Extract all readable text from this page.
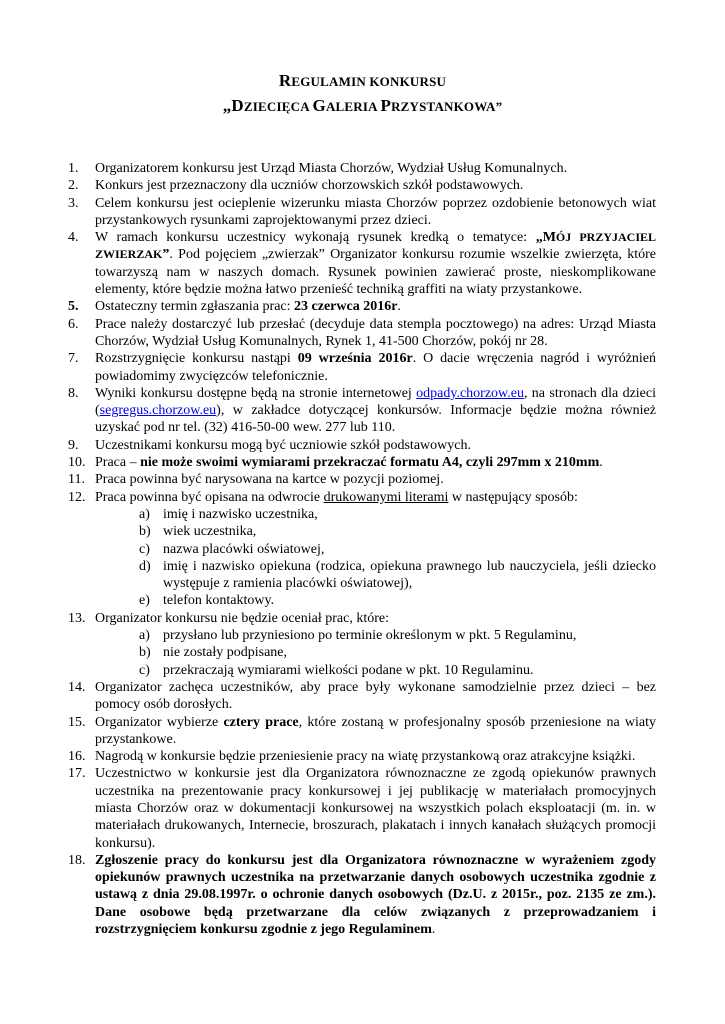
REGULAMIN KONKURSU
„DZIECIĘCA GALERIA PRZYSTANKOWA”
1. Organizatorem konkursu jest Urząd Miasta Chorzów, Wydział Usług Komunalnych.
2. Konkurs jest przeznaczony dla uczniów chorzowskich szkół podstawowych.
3. Celem konkursu jest ocieplenie wizerunku miasta Chorzów poprzez ozdobienie betonowych wiat przystankowych rysunkami zaprojektowanymi przez dzieci.
4. W ramach konkursu uczestnicy wykonają rysunek kredką o tematyce: „MÓJ PRZYJACIEL ZWIERZAK”. Pod pojęciem „zwierzak” Organizator konkursu rozumie wszelkie zwierzęta, które towarzyszą nam w naszych domach. Rysunek powinien zawierać proste, nieskomplikowane elementy, które będzie można łatwo przenieść techniką graffiti na wiaty przystankowe.
5. Ostateczny termin zgłaszania prac: 23 czerwca 2016r.
6. Prace należy dostarczyć lub przesłać (decyduje data stempla pocztowego) na adres: Urząd Miasta Chorzów, Wydział Usług Komunalnych, Rynek 1, 41-500 Chorzów, pokój nr 28.
7. Rozstrzygnięcie konkursu nastąpi 09 września 2016r. O dacie wręczenia nagród i wyróżnień powiadomimy zwycięzców telefonicznie.
8. Wyniki konkursu dostępne będą na stronie internetowej odpady.chorzow.eu, na stronach dla dzieci (segregus.chorzow.eu), w zakładce dotyczącej konkursów. Informacje będzie można również uzyskać pod nr tel. (32) 416-50-00 wew. 277 lub 110.
9. Uczestnikami konkursu mogą być uczniowie szkół podstawowych.
10. Praca – nie może swoimi wymiarami przekraczać formatu A4, czyli 297mm x 210mm.
11. Praca powinna być narysowana na kartce w pozycji poziomej.
12. Praca powinna być opisana na odwrocie drukowanymi literami w następujący sposób:
a) imię i nazwisko uczestnika,
b) wiek uczestnika,
c) nazwa placówki oświatowej,
d) imię i nazwisko opiekuna (rodzica, opiekuna prawnego lub nauczyciela, jeśli dziecko występuje z ramienia placówki oświatowej),
e) telefon kontaktowy.
13. Organizator konkursu nie będzie oceniał prac, które:
a) przysłano lub przyniesiono po terminie określonym w pkt. 5 Regulaminu,
b) nie zostały podpisane,
c) przekraczają wymiarami wielkości podane w pkt. 10 Regulaminu.
14. Organizator zachęca uczestników, aby prace były wykonane samodzielnie przez dzieci – bez pomocy osób dorosłych.
15. Organizator wybierze cztery prace, które zostaną w profesjonalny sposób przeniesione na wiaty przystankowe.
16. Nagrodą w konkursie będzie przeniesienie pracy na wiatę przystankową oraz atrakcyjne książki.
17. Uczestnictwo w konkursie jest dla Organizatora równoznaczne ze zgodą opiekunów prawnych uczestnika na prezentowanie pracy konkursowej i jej publikację w materiałach promocyjnych miasta Chorzów oraz w dokumentacji konkursowej na wszystkich polach eksploatacji (m. in. w materiałach drukowanych, Internecie, broszurach, plakatach i innych kanałach służących promocji konkursu).
18. Zgłoszenie pracy do konkursu jest dla Organizatora równoznaczne w wyrażeniem zgody opiekunów prawnych uczestnika na przetwarzanie danych osobowych uczestnika zgodnie z ustawą z dnia 29.08.1997r. o ochronie danych osobowych (Dz.U. z 2015r., poz. 2135 ze zm.). Dane osobowe będą przetwarzane dla celów związanych z przeprowadzaniem i rozstrzygnięciem konkursu zgodnie z jego Regulaminem.
